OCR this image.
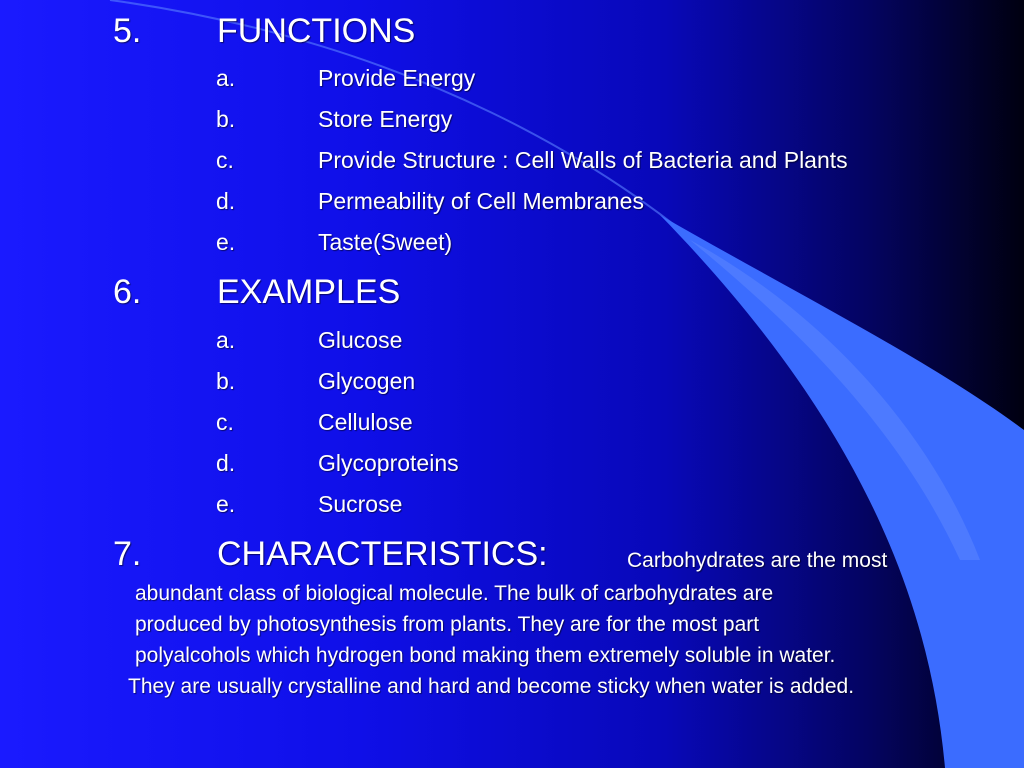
5. FUNCTIONS
a.	Provide Energy
b.	Store Energy
c.	Provide Structure : Cell Walls of Bacteria and Plants
d.	Permeability of Cell Membranes
e.	Taste(Sweet)
6. EXAMPLES
a.	Glucose
b.	Glycogen
c.	Cellulose
d.	Glycoproteins
e.	Sucrose
7. CHARACTERISTICS:	Carbohydrates are the most
abundant class of biological molecule. The bulk of carbohydrates are
produced by photosynthesis from plants. They are for the most part
polyalcohols which hydrogen bond making them extremely soluble in water.
They are usually crystalline and hard and become sticky when water is added.
